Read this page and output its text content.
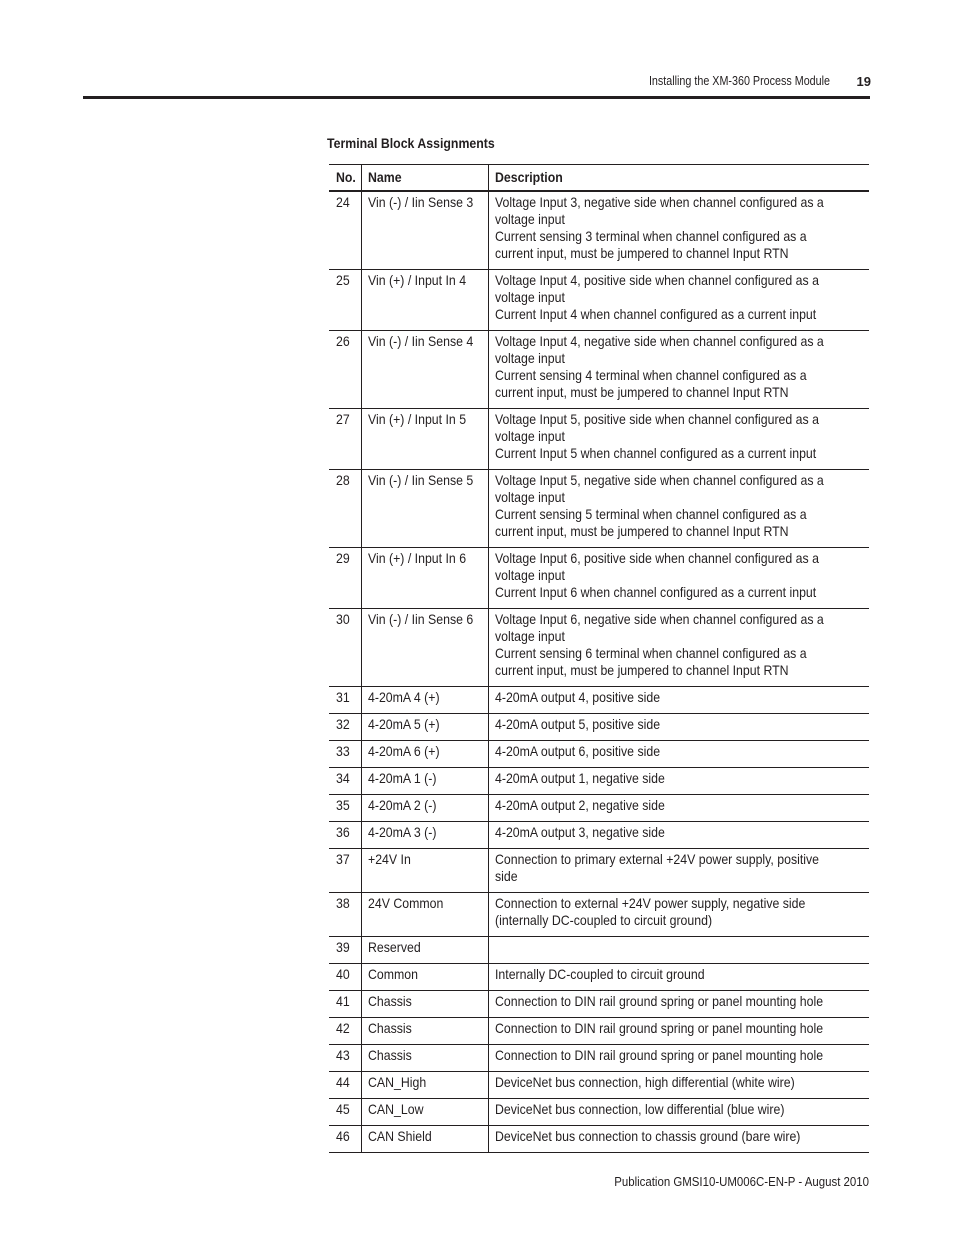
Installing the XM-360 Process Module	19
Terminal Block Assignments
No.	Name	Description
24	Vin (-) / Iin Sense 3	Voltage Input 3, negative side when channel configured as a
voltage input
Current sensing 3 terminal when channel configured as a
current input, must be jumpered to channel Input RTN

25	Vin (+) / Input In 4	Voltage Input 4, positive side when channel configured as a
voltage input
Current Input 4 when channel configured as a current input

26	Vin (-) / Iin Sense 4	Voltage Input 4, negative side when channel configured as a
voltage input
Current sensing 4 terminal when channel configured as a
current input, must be jumpered to channel Input RTN

27	Vin (+) / Input In 5	Voltage Input 5, positive side when channel configured as a
voltage input
Current Input 5 when channel configured as a current input

28	Vin (-) / Iin Sense 5	Voltage Input 5, negative side when channel configured as a
voltage input
Current sensing 5 terminal when channel configured as a
current input, must be jumpered to channel Input RTN

29	Vin (+) / Input In 6	Voltage Input 6, positive side when channel configured as a
voltage input
Current Input 6 when channel configured as a current input

30	Vin (-) / Iin Sense 6	Voltage Input 6, negative side when channel configured as a
voltage input
Current sensing 6 terminal when channel configured as a
current input, must be jumpered to channel Input RTN

31	4-20mA 4 (+)	4-20mA output 4, positive side

32	4-20mA 5 (+)	4-20mA output 5, positive side

33	4-20mA 6 (+)	4-20mA output 6, positive side

34	4-20mA 1 (-)	4-20mA output 1, negative side

35	4-20mA 2 (-)	4-20mA output 2, negative side

36	4-20mA 3 (-)	4-20mA output 3, negative side

37	+24V In	Connection to primary external +24V power supply, positive
side

38	24V Common	Connection to external +24V power supply, negative side
(internally DC-coupled to circuit ground)

39	Reserved	

40	Common	Internally DC-coupled to circuit ground

41	Chassis	Connection to DIN rail ground spring or panel mounting hole

42	Chassis	Connection to DIN rail ground spring or panel mounting hole

43	Chassis	Connection to DIN rail ground spring or panel mounting hole

44	CAN_High	DeviceNet bus connection, high differential (white wire)

45	CAN_Low	DeviceNet bus connection, low differential (blue wire)

46	CAN Shield	DeviceNet bus connection to chassis ground (bare wire)
Publication GMSI10-UM006C-EN-P - August 2010
